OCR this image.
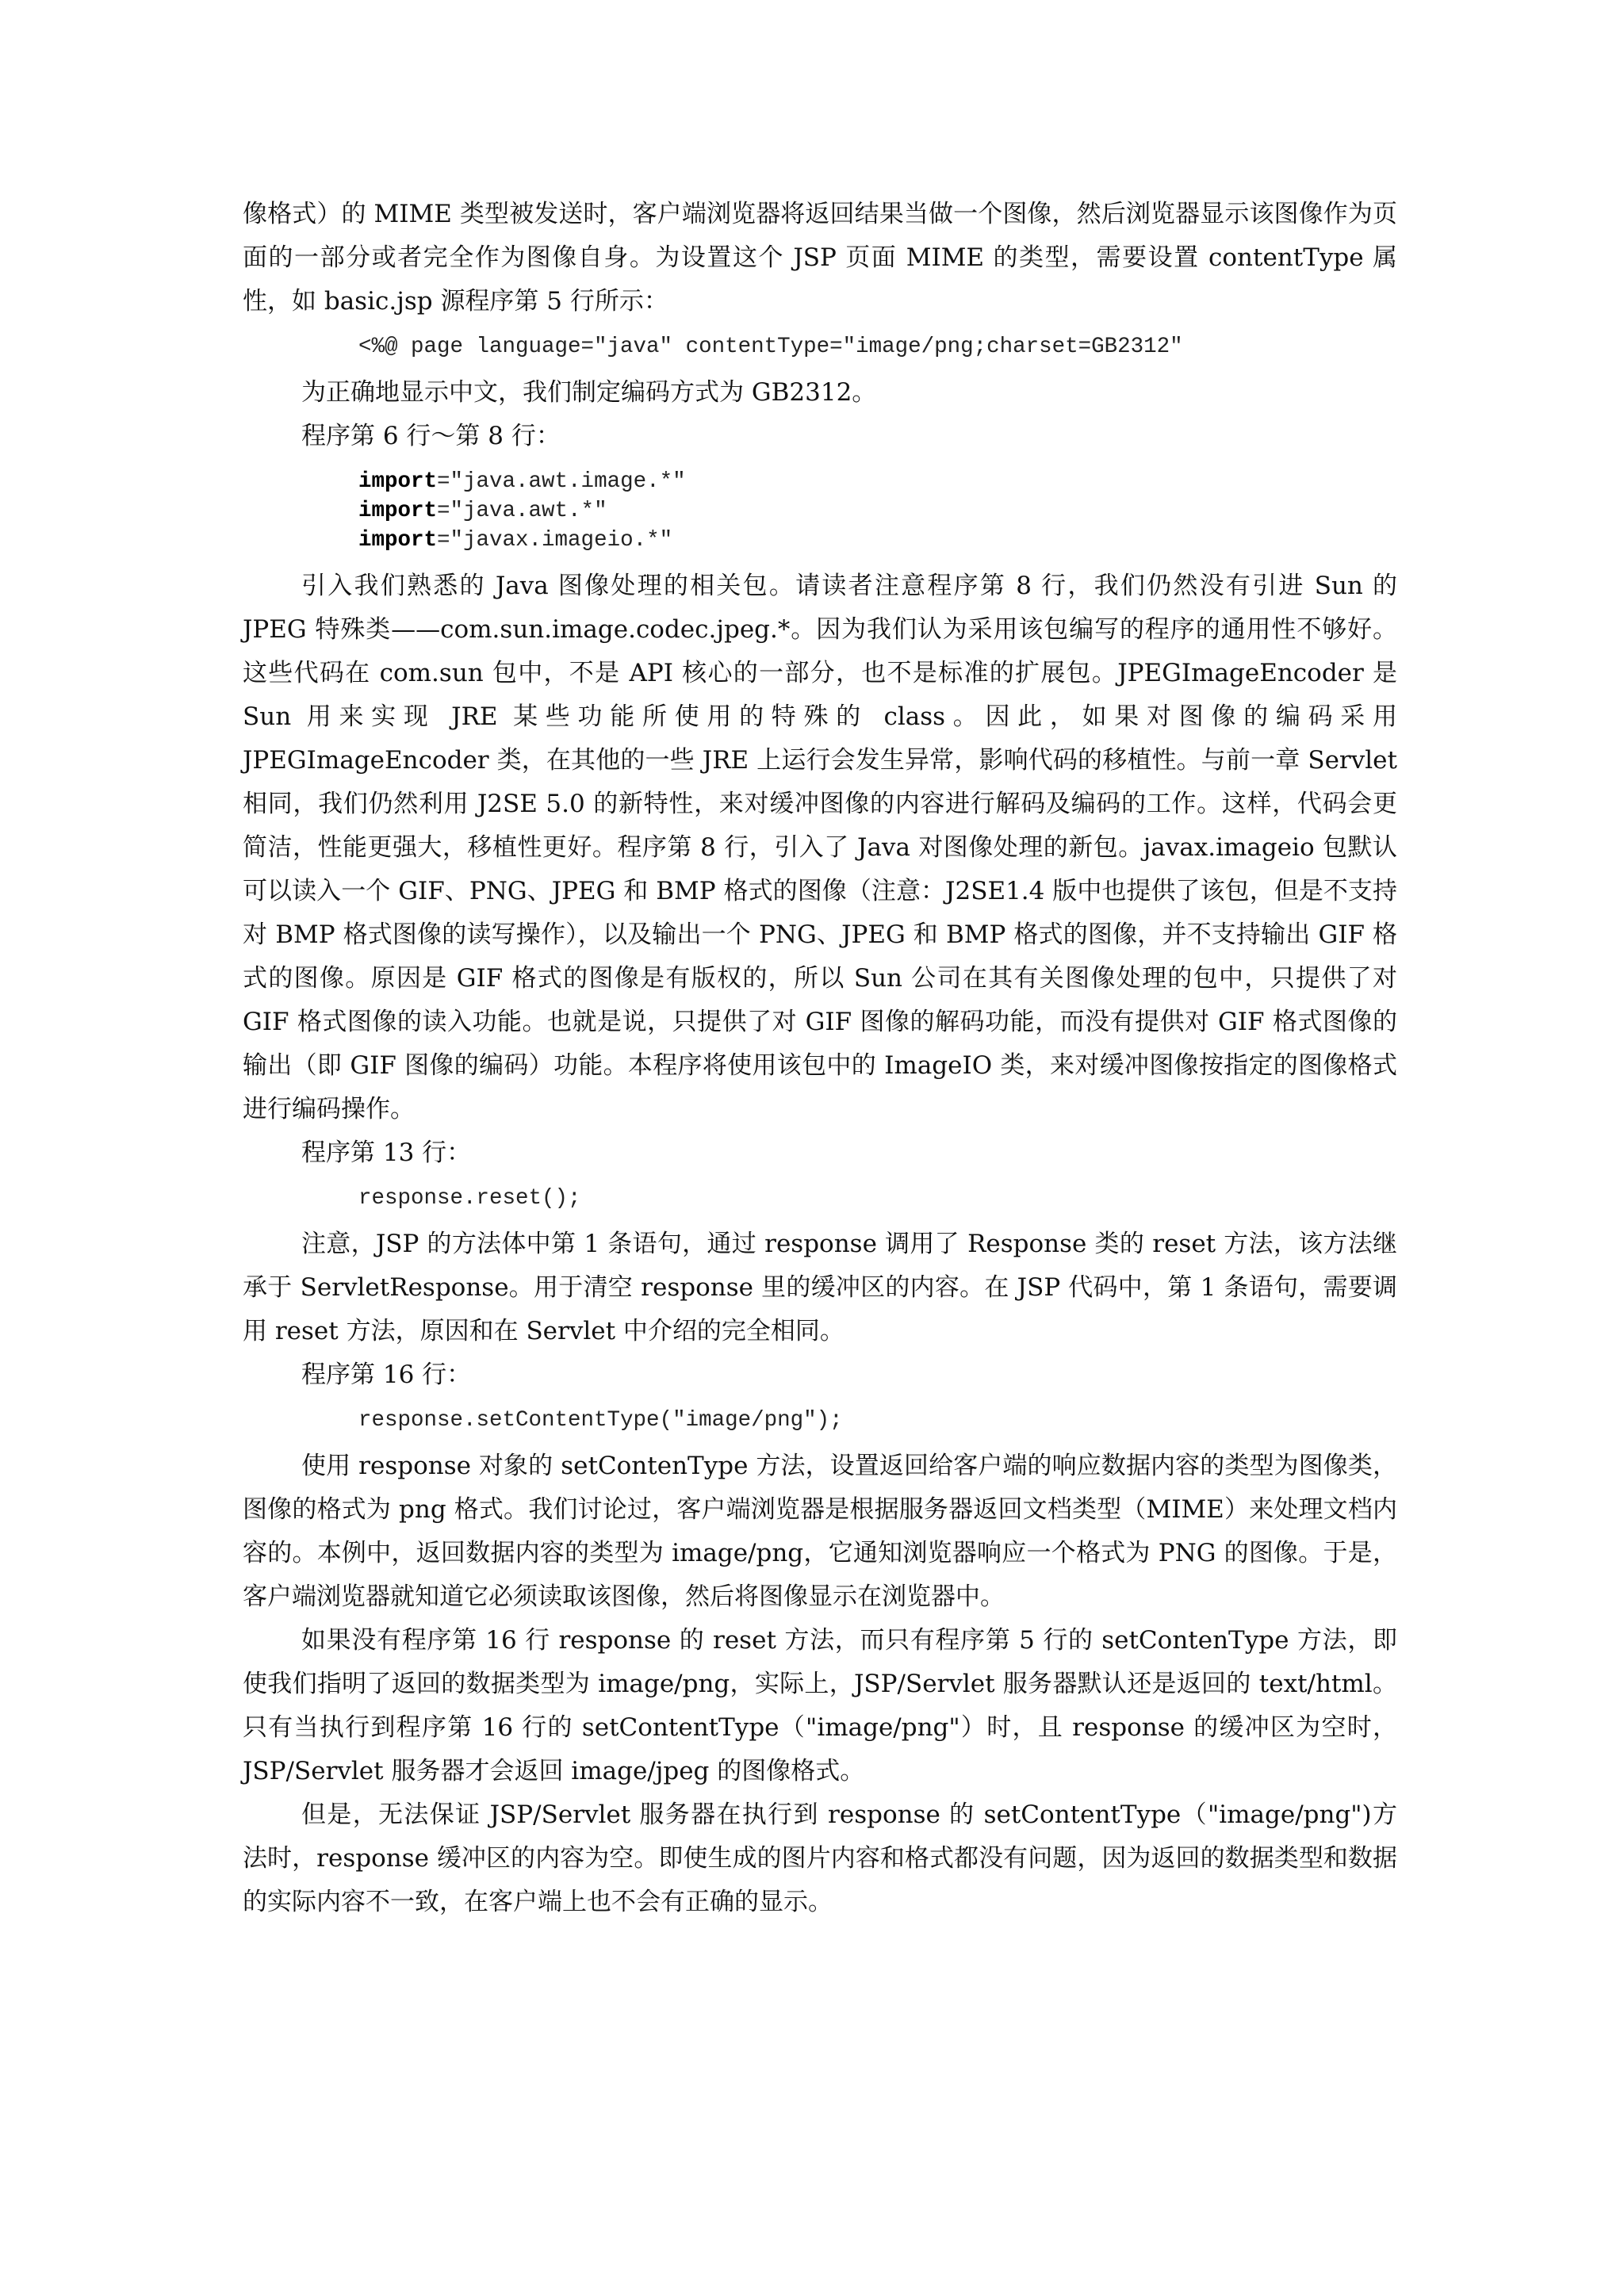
像格式）的 MIME 类型被发送时，客户端浏览器将返回结果当做一个图像，然后浏览器显示该图像作为页面的一部分或者完全作为图像自身。为设置这个 JSP 页面 MIME 的类型，需要设置 contentType 属性，如 basic.jsp 源程序第 5 行所示：

<%@ page language="java" contentType="image/png;charset=GB2312"

为正确地显示中文，我们制定编码方式为 GB2312。

程序第 6 行～第 8 行：

import="java.awt.image.*"
import="java.awt.*"
import="javax.imageio.*"

引入我们熟悉的 Java 图像处理的相关包。请读者注意程序第 8 行，我们仍然没有引进 Sun 的 JPEG 特殊类——com.sun.image.codec.jpeg.*。因为我们认为采用该包编写的程序的通用性不够好。这些代码在 com.sun 包中，不是 API 核心的一部分，也不是标准的扩展包。JPEGImageEncoder 是 Sun 用来实现 JRE 某些功能所使用的特殊的 class。因此，如果对图像的编码采用 JPEGImageEncoder 类，在其他的一些 JRE 上运行会发生异常，影响代码的移植性。与前一章 Servlet 相同，我们仍然利用 J2SE 5.0 的新特性，来对缓冲图像的内容进行解码及编码的工作。这样，代码会更简洁，性能更强大，移植性更好。程序第 8 行，引入了 Java 对图像处理的新包。javax.imageio 包默认可以读入一个 GIF、PNG、JPEG 和 BMP 格式的图像（注意：J2SE1.4 版中也提供了该包，但是不支持对 BMP 格式图像的读写操作），以及输出一个 PNG、JPEG 和 BMP 格式的图像，并不支持输出 GIF 格式的图像。原因是 GIF 格式的图像是有版权的，所以 Sun 公司在其有关图像处理的包中，只提供了对 GIF 格式图像的读入功能。也就是说，只提供了对 GIF 图像的解码功能，而没有提供对 GIF 格式图像的输出（即 GIF 图像的编码）功能。本程序将使用该包中的 ImageIO 类，来对缓冲图像按指定的图像格式进行编码操作。

程序第 13 行：

response.reset();

注意，JSP 的方法体中第 1 条语句，通过 response 调用了 Response 类的 reset 方法，该方法继承于 ServletResponse。用于清空 response 里的缓冲区的内容。在 JSP 代码中，第 1 条语句，需要调用 reset 方法，原因和在 Servlet 中介绍的完全相同。

程序第 16 行：

response.setContentType("image/png");

使用 response 对象的 setContenType 方法，设置返回给客户端的响应数据内容的类型为图像类，图像的格式为 png 格式。我们讨论过，客户端浏览器是根据服务器返回文档类型（MIME）来处理文档内容的。本例中，返回数据内容的类型为 image/png，它通知浏览器响应一个格式为 PNG 的图像。于是，客户端浏览器就知道它必须读取该图像，然后将图像显示在浏览器中。

如果没有程序第 16 行 response 的 reset 方法，而只有程序第 5 行的 setContenType 方法，即使我们指明了返回的数据类型为 image/png，实际上，JSP/Servlet 服务器默认还是返回的 text/html。只有当执行到程序第 16 行的 setContentType（"image/png"）时，且 response 的缓冲区为空时，JSP/Servlet 服务器才会返回 image/jpeg 的图像格式。

但是，无法保证 JSP/Servlet 服务器在执行到 response 的 setContentType（"image/png")方法时，response 缓冲区的内容为空。即使生成的图片内容和格式都没有问题，因为返回的数据类型和数据的实际内容不一致，在客户端上也不会有正确的显示。
